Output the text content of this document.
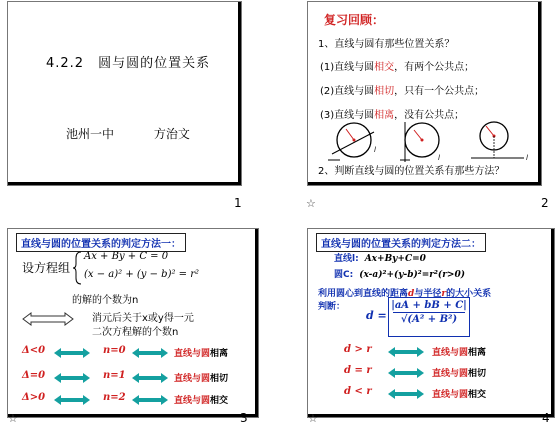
4.2.2　圆与圆的位置关系
池州一中	方治文
1
复习回顾：
1、直线与圆有那些位置关系？
(1)直线与圆相交，有两个公共点；
(2)直线与圆相切，只有一个公共点；
(3)直线与圆相离，没有公共点；
l
l	l
2、判断直线与圆的位置关系有那些方法？
☆	2
直线与圆的位置关系的判定方法一：
设方程组
Ax + By + C = 0
(x − a)² + (y − b)² = r²
的解的个数为n
消元后关于x或y得一元
二次方程解的个数n
Δ<0	n=0	直线与圆相离
Δ=0	n=1	直线与圆相切
Δ>0	n=2	直线与圆相交
☆	3
直线与圆的位置关系的判定方法二：
直线l: Ax+By+C=0
圆C: (x-a)²+(y-b)²=r²(r>0)
利用圆心到直线的距离d与半径r的大小关系
判断：
d =
|aA + bB + C|
√(A² + B²)
d > r	直线与圆相离
d = r	直线与圆相切
d < r	直线与圆相交
☆	4
